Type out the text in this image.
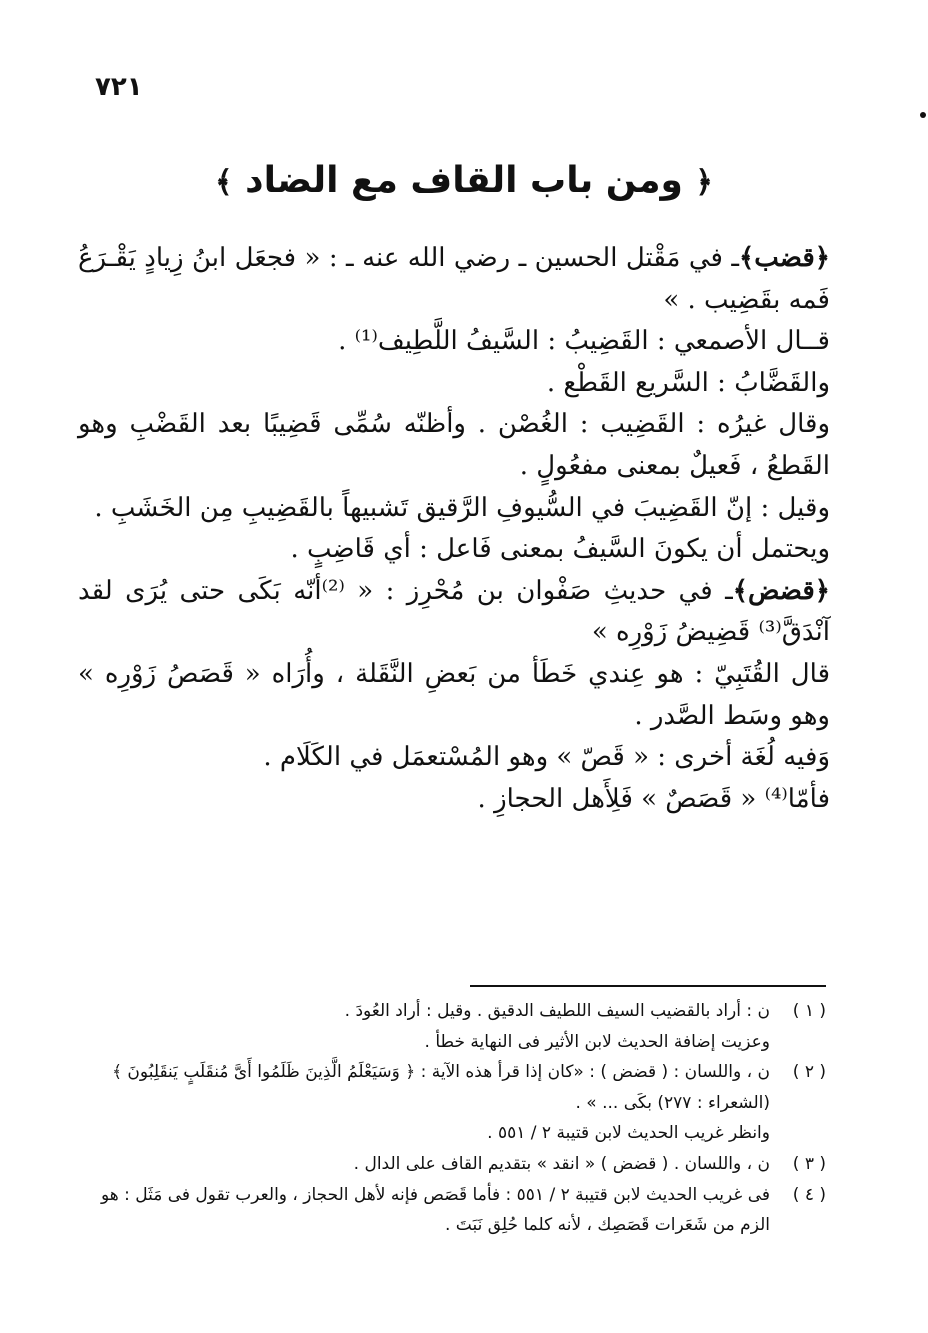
٧٢١
﴿ ومن باب القاف مع الضاد ﴾

﴿قضب﴾ـ في مَقْتل الحسين ـ رضي الله عنه ـ : « فجعَل ابنُ زِيادٍ يَقْـرَعُ فَمه بقَضِيب . »

قــال الأصمعي : القَضِيبُ : السَّيفُ اللَّطِيف⁽¹⁾ .

والقَضَّابُ : السَّريع القَطْع .

وقال غيرُه : القَضِيب : الغُصْن . وأظنّه سُمِّى قَضِيبًا بعد القَضْبِ وهو القَطعُ ، فَعيلٌ بمعنى مفعُولٍ .

وقيل : إنّ القَضِيبَ في السُّيوفِ الرَّقيق تَشبيهاً بالقَضِيبِ مِن الخَشَبِ .

ويحتمل أن يكونَ السَّيفُ بمعنى فَاعل : أي قَاضِبٍ .

﴿قضض﴾ـ في حديثِ صَفْوان بن مُحْرِز : « ⁽²⁾أنّه بَكَى حتى يُرَى لقد آنْدَقَّ⁽³⁾ قَضِيضُ زَوْرِه »

قال القُتَبِيّ : هو عِندي خَطَأ من بَعضِ النَّقَلة ، وأُرَاه « قَصَصُ زَوْرِه » وهو وسَط الصَّدر .

وَفيه لُغَة أخرى : « قَصّ » وهو المُسْتعمَل في الكَلَام .

فأمّا⁽⁴⁾ « قَصَصٌ » فَلِأَهل الحجازِ .

( ١ )
ن : أراد بالقضيب السيف اللطيف الدقيق . وقيل : أراد العُودَ .
وعزيت إضافة الحديث لابن الأثير فى النهاية خطأ .
( ٢ )
ن ، واللسان : ( قضض ) : «كان إذا قرأ هذه الآية : ﴿ وَسَيَعْلَمُ الَّذِينَ ظَلَمُوا أَىَّ مُنقَلَبٍ يَنقَلِبُونَ ﴾ (الشعراء : ٢٧٧) بكَى ... » .
وانظر غريب الحديث لابن قتيبة ٢ / ٥٥١ .
( ٣ )
ن ، واللسان . ( قضض ) « انقد » بتقديم القاف على الدال .
( ٤ )
فى غريب الحديث لابن قتيبة ٢ / ٥٥١ : فأما قَصَص فإنه لأهل الحجاز ، والعرب تقول فى مَثَل : هو الزم من شَعَرات قَصَصِك ، لأنه كلما حُلِق نَبَتَ .
